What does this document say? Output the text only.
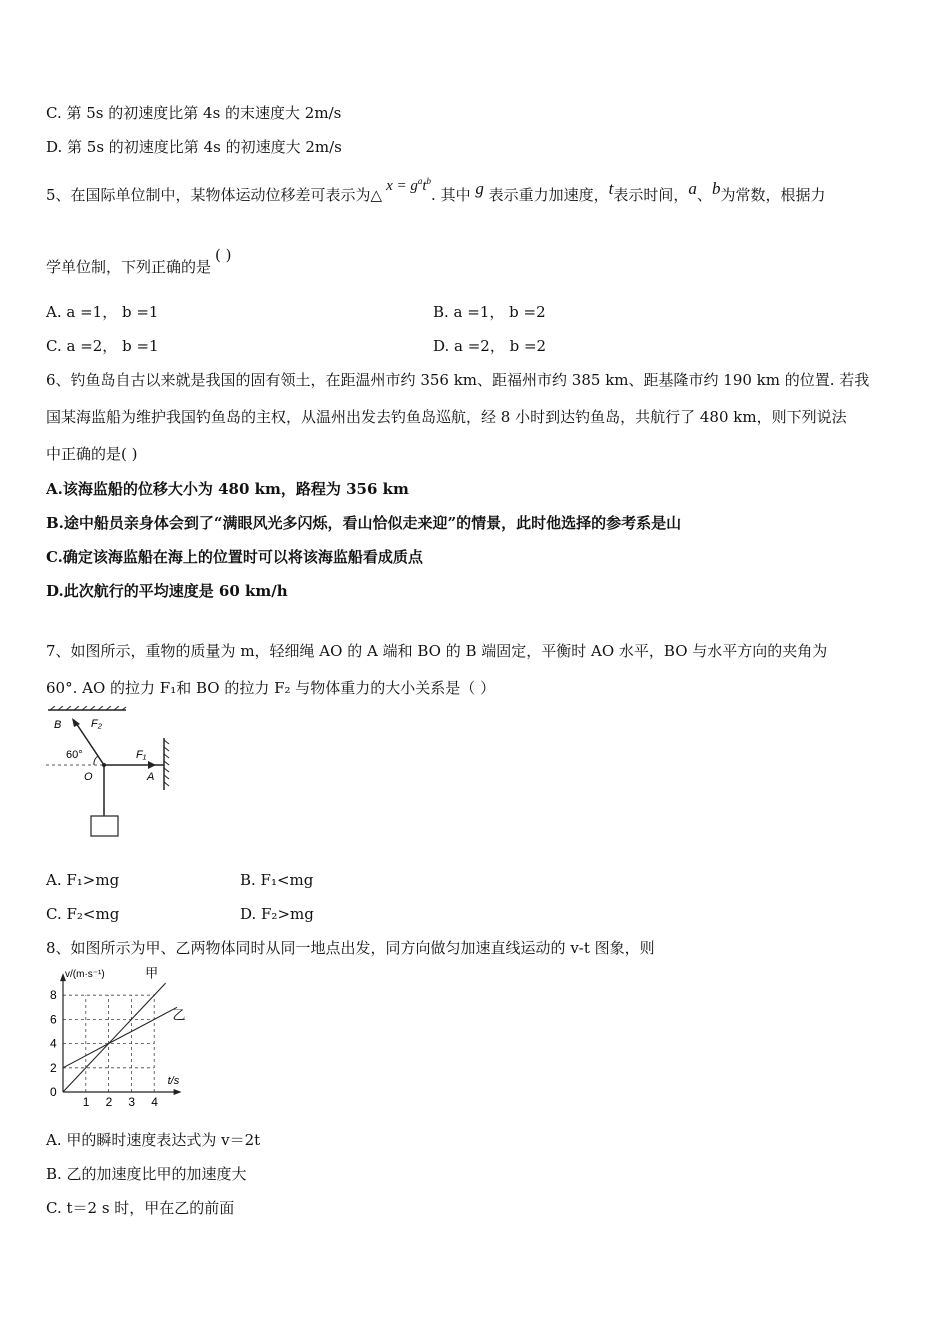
C. 第 5s 的初速度比第 4s 的末速度大 2m/s
D. 第 5s 的初速度比第 4s 的初速度大 2m/s
5、在国际单位制中，某物体运动位移差可表示为△ $x = g^at^b$. 其中 g 表示重力加速度，t表示时间，a、b为常数，根据力
学单位制，下列正确的是( )
A. a =1， b =1	B. a =1， b =2
C. a =2， b =1	D. a =2， b =2
6、钓鱼岛自古以来就是我国的固有领土，在距温州市约 356 km、距福州市约 385 km、距基隆市约 190 km 的位置. 若我
国某海监船为维护我国钓鱼岛的主权，从温州出发去钓鱼岛巡航，经 8 小时到达钓鱼岛，共航行了 480 km，则下列说法
中正确的是( )
A.该海监船的位移大小为 480 km，路程为 356 km
B.途中船员亲身体会到了“满眼风光多闪烁，看山恰似走来迎”的情景，此时他选择的参考系是山
C.确定该海监船在海上的位置时可以将该海监船看成质点
D.此次航行的平均速度是 60 km/h
7、如图所示，重物的质量为 m，轻细绳 AO 的 A 端和 BO 的 B 端固定，平衡时 AO 水平，BO 与水平方向的夹角为
60°. AO 的拉力 F₁和 BO 的拉力 F₂ 与物体重力的大小关系是（ ）
B	F₂
60°
O
F₁
A
A. F₁>mg	B. F₁<mg
C. F₂<mg	D. F₂>mg
8、如图所示为甲、乙两物体同时从同一地点出发，同方向做匀加速直线运动的 v-t 图象，则
1 2 3 4
2
4
6
8
0
t/s
v/(m·s⁻¹)	甲
乙
A. 甲的瞬时速度表达式为 v＝2t
B. 乙的加速度比甲的加速度大
C. t＝2 s 时，甲在乙的前面
